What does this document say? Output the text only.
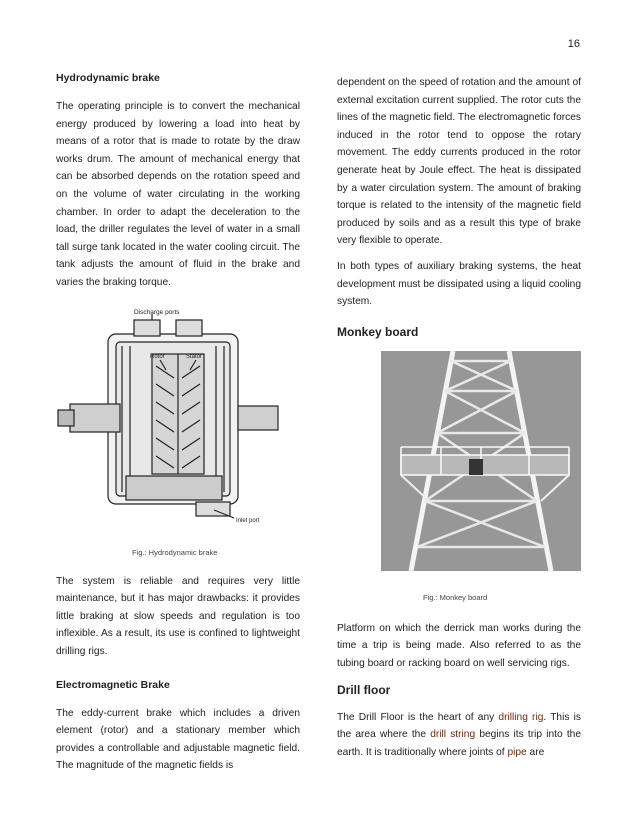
16
Hydrodynamic brake

The operating principle is to convert the mechanical energy produced by lowering a load into heat by means of a rotor that is made to rotate by the draw works drum. The amount of mechanical energy that can be absorbed depends on the rotation speed and on the volume of water circulating in the working chamber. In order to adapt the deceleration to the load, the driller regulates the level of water in a small tall surge tank located in the water cooling circuit. The tank adjusts the amount of fluid in the brake and varies the braking torque.

Discharge ports
Rotor	Stator
Inlet port
Fig.: Hydrodynamic brake

The system is reliable and requires very little maintenance, but it has major drawbacks: it provides little braking at slow speeds and regulation is too inflexible. As a result, its use is confined to lightweight drilling rigs.

Electromagnetic Brake

The eddy-current brake which includes a driven element (rotor) and a stationary member which provides a controllable and adjustable magnetic field. The magnitude of the magnetic fields is

dependent on the speed of rotation and the amount of external excitation current supplied. The rotor cuts the lines of the magnetic field. The electromagnetic forces induced in the rotor tend to oppose the rotary movement. The eddy currents produced in the rotor generate heat by Joule effect. The heat is dissipated by a water circulation system. The amount of braking torque is related to the intensity of the magnetic field produced by soils and as a result this type of brake very flexible to operate.

In both types of auxiliary braking systems, the heat development must be dissipated using a liquid cooling system.

Monkey board
Fig.: Monkey board

Platform on which the derrick man works during the time a trip is being made. Also referred to as the tubing board or racking board on well servicing rigs.

Drill floor

The Drill Floor is the heart of any drilling rig. This is the area where the drill string begins its trip into the earth. It is traditionally where joints of pipe are
